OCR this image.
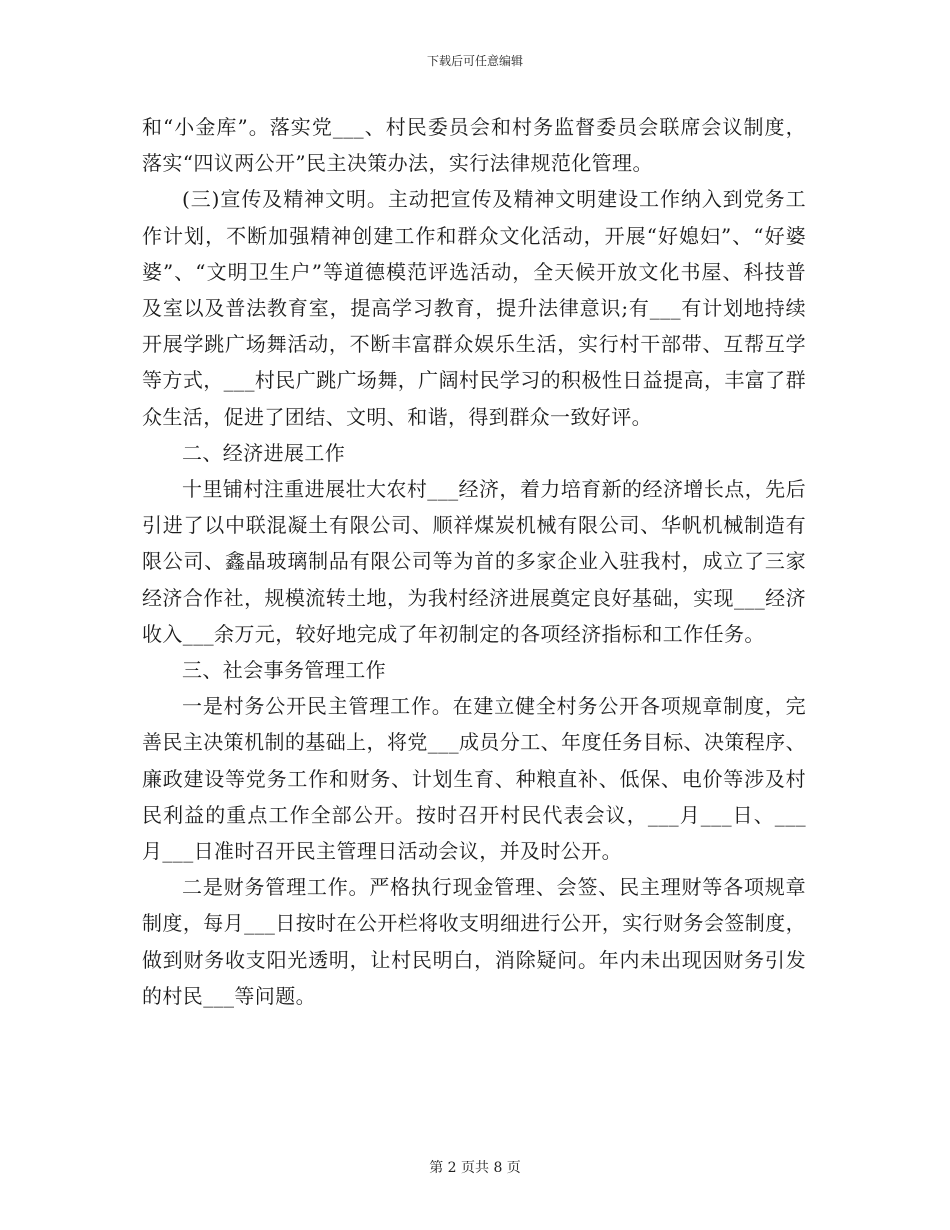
下载后可任意编辑

和“小金库”。落实党___、村民委员会和村务监督委员会联席会议制度，落实“四议两公开”民主决策办法，实行法律规范化管理。

(三)宣传及精神文明。主动把宣传及精神文明建设工作纳入到党务工作计划，不断加强精神创建工作和群众文化活动，开展“好媳妇”、“好婆婆”、“文明卫生户”等道德模范评选活动，全天候开放文化书屋、科技普及室以及普法教育室，提高学习教育，提升法律意识;有___有计划地持续开展学跳广场舞活动，不断丰富群众娱乐生活，实行村干部带、互帮互学等方式，___村民广跳广场舞，广阔村民学习的积极性日益提高，丰富了群众生活，促进了团结、文明、和谐，得到群众一致好评。

二、经济进展工作

十里铺村注重进展壮大农村___经济，着力培育新的经济增长点，先后引进了以中联混凝土有限公司、顺祥煤炭机械有限公司、华帆机械制造有限公司、鑫晶玻璃制品有限公司等为首的多家企业入驻我村，成立了三家经济合作社，规模流转土地，为我村经济进展奠定良好基础，实现___经济收入___余万元，较好地完成了年初制定的各项经济指标和工作任务。

三、社会事务管理工作

一是村务公开民主管理工作。在建立健全村务公开各项规章制度，完善民主决策机制的基础上，将党___成员分工、年度任务目标、决策程序、廉政建设等党务工作和财务、计划生育、种粮直补、低保、电价等涉及村民利益的重点工作全部公开。按时召开村民代表会议，___月___日、___月___日准时召开民主管理日活动会议，并及时公开。

二是财务管理工作。严格执行现金管理、会签、民主理财等各项规章制度，每月___日按时在公开栏将收支明细进行公开，实行财务会签制度，做到财务收支阳光透明，让村民明白，消除疑问。年内未出现因财务引发的村民___等问题。

第 2 页共 8 页
